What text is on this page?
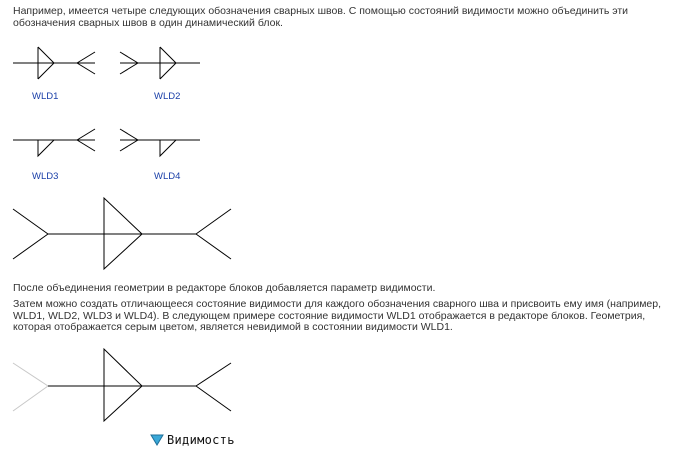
Например, имеется четыре следующих обозначения сварных швов. С помощью состояний видимости можно объединить эти обозначения сварных швов в один динамический блок.

WLD1	WLD2
WLD3	WLD4

После объединения геометрии в редакторе блоков добавляется параметр видимости.

Затем можно создать отличающееся состояние видимости для каждого обозначения сварного шва и присвоить ему имя (например, WLD1, WLD2, WLD3 и WLD4). В следующем примере состояние видимости WLD1 отображается в редакторе блоков. Геометрия, которая отображается серым цветом, является невидимой в состоянии видимости WLD1.

Видимость
